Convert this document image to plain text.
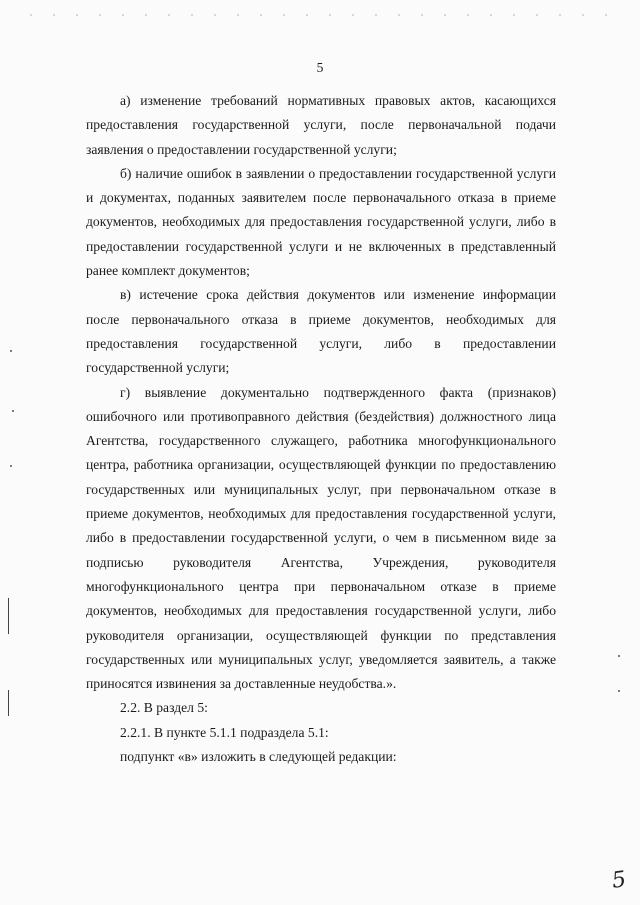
5

а) изменение требований нормативных правовых актов, касающихся предоставления государственной услуги, после первоначальной подачи заявления о предоставлении государственной услуги;

б) наличие ошибок в заявлении о предоставлении государственной услуги и документах, поданных заявителем после первоначального отказа в приеме документов, необходимых для предоставления государственной услуги, либо в предоставлении государственной услуги и не включенных в представленный ранее комплект документов;

в) истечение срока действия документов или изменение информации после первоначального отказа в приеме документов, необходимых для предоставления государственной услуги, либо в предоставлении государственной услуги;

г) выявление документально подтвержденного факта (признаков) ошибочного или противоправного действия (бездействия) должностного лица Агентства, государственного служащего, работника многофункционального центра, работника организации, осуществляющей функции по предоставлению государственных или муниципальных услуг, при первоначальном отказе в приеме документов, необходимых для предоставления государственной услуги, либо в предоставлении государственной услуги, о чем в письменном виде за подписью руководителя Агентства, Учреждения, руководителя многофункционального центра при первоначальном отказе в приеме документов, необходимых для предоставления государственной услуги, либо руководителя организации, осуществляющей функции по представления государственных или муниципальных услуг, уведомляется заявитель, а также приносятся извинения за доставленные неудобства.».

2.2. В раздел 5:

2.2.1. В пункте 5.1.1 подраздела 5.1:

подпункт «в» изложить в следующей редакции:

5
